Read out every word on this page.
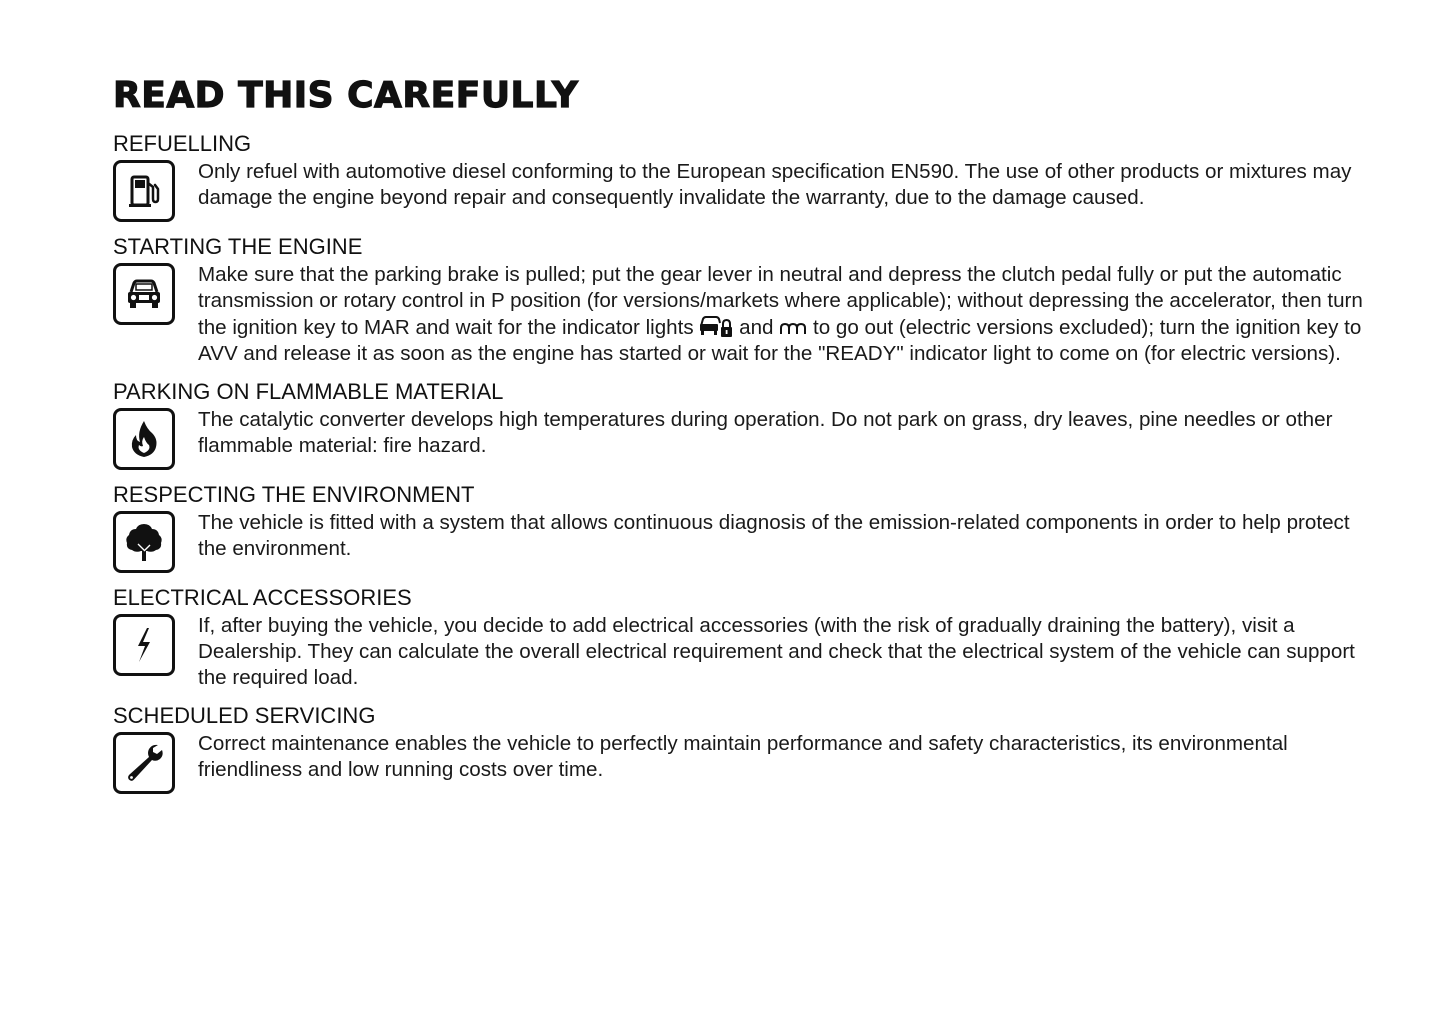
READ THIS CAREFULLY
REFUELLING
Only refuel with automotive diesel conforming to the European specification EN590. The use of other products or mixtures may damage the engine beyond repair and consequently invalidate the warranty, due to the damage caused.
STARTING THE ENGINE
Make sure that the parking brake is pulled; put the gear lever in neutral and depress the clutch pedal fully or put the automatic transmission or rotary control in P position (for versions/markets where applicable); without depressing the accelerator, then turn the ignition key to MAR and wait for the indicator lights and to go out (electric versions excluded); turn the ignition key to AVV and release it as soon as the engine has started or wait for the "READY" indicator light to come on (for electric versions).
PARKING ON FLAMMABLE MATERIAL
The catalytic converter develops high temperatures during operation. Do not park on grass, dry leaves, pine needles or other flammable material: fire hazard.
RESPECTING THE ENVIRONMENT
The vehicle is fitted with a system that allows continuous diagnosis of the emission-related components in order to help protect the environment.
ELECTRICAL ACCESSORIES
If, after buying the vehicle, you decide to add electrical accessories (with the risk of gradually draining the battery), visit a Dealership. They can calculate the overall electrical requirement and check that the electrical system of the vehicle can support the required load.
SCHEDULED SERVICING
Correct maintenance enables the vehicle to perfectly maintain performance and safety characteristics, its environmental friendliness and low running costs over time.
